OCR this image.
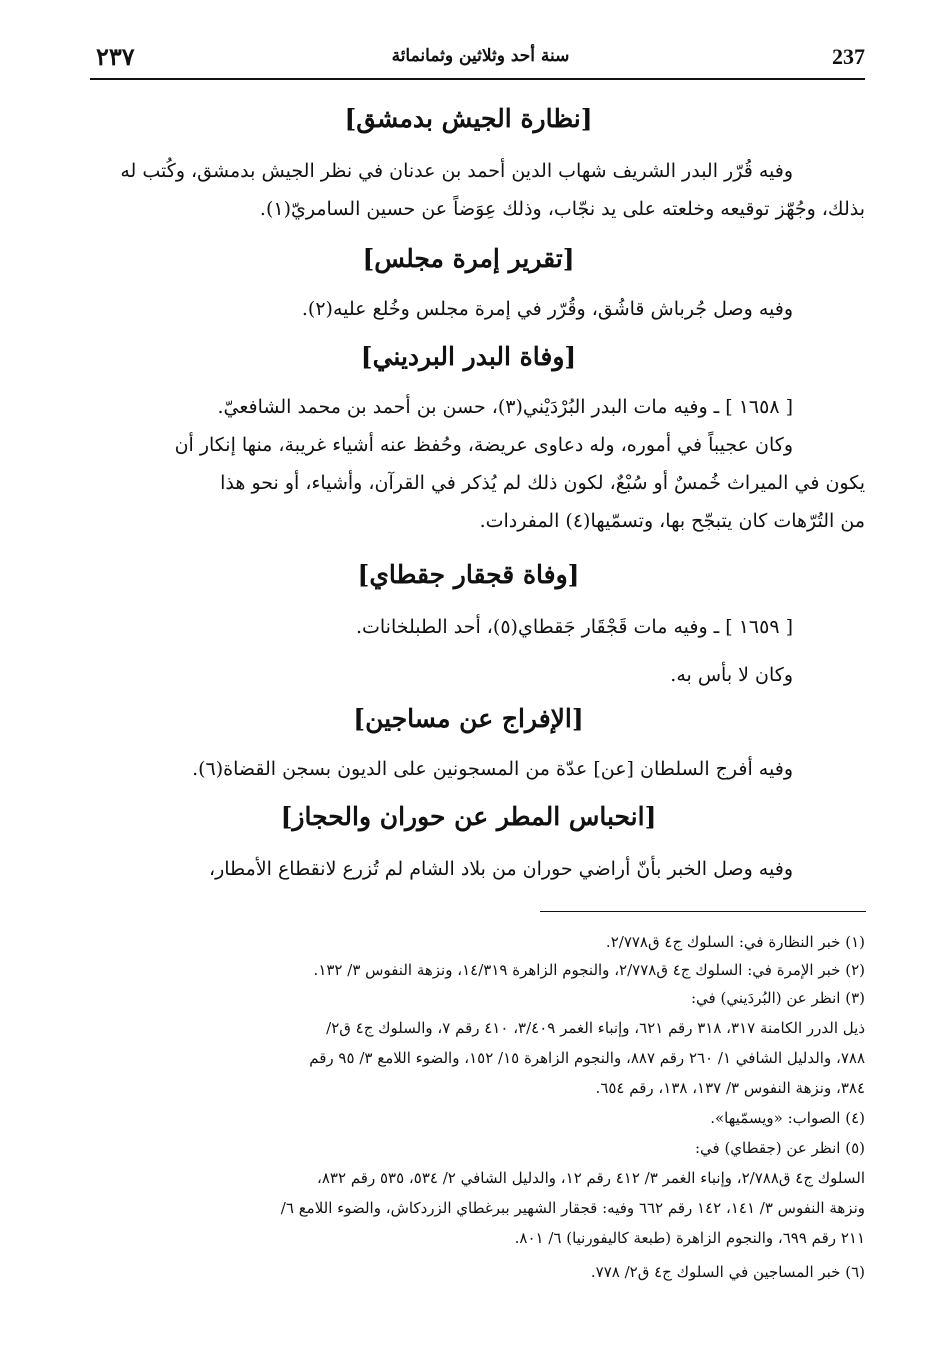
237
سنة أحد وثلاثين وثمانمائة
٢٣٧
[نظارة الجيش بدمشق]
وفيه قُرّر البدر الشريف شهاب الدين أحمد بن عدنان في نظر الجيش بدمشق، وكُتب له
بذلك، وجُهّز توقيعه وخلعته على يد نجّاب، وذلك عِوَضاً عن حسين السامريّ(١).
[تقرير إمرة مجلس]
وفيه وصل جُرباش قاشُق، وقُرّر في إمرة مجلس وخُلع عليه(٢).
[وفاة البدر البرديني]
[ ١٦٥٨ ] ـ وفيه مات البدر البُرْدَيْني(٣)، حسن بن أحمد بن محمد الشافعيّ.
وكان عجيباً في أموره، وله دعاوى عريضة، وحُفظ عنه أشياء غريبة، منها إنكار أن
يكون في الميراث خُمسٌ أو سُبْعٌ، لكون ذلك لم يُذكر في القرآن، وأشياء، أو نحو هذا
من التُرّهات كان يتبجّح بها، وتسمّيها(٤) المفردات.
[وفاة قجقار جقطاي]
[ ١٦٥٩ ] ـ وفيه مات قَجْقَار جَقطاي(٥)، أحد الطبلخانات.
وكان لا بأس به.
[الإفراج عن مساجين]
وفيه أفرج السلطان [عن] عدّة من المسجونين على الديون بسجن القضاة(٦).
[انحباس المطر عن حوران والحجاز]
وفيه وصل الخبر بأنّ أراضي حوران من بلاد الشام لم تُزرع لانقطاع الأمطار،
(١) خبر النظارة في: السلوك ج٤ ق٢/٧٧٨.
(٢) خبر الإمرة في: السلوك ج٤ ق٢/٧٧٨، والنجوم الزاهرة ١٤/٣١٩، ونزهة النفوس ٣/ ١٣٢.
(٣) انظر عن (البُردَيني) في:
ذيل الدرر الكامنة ٣١٧، ٣١٨ رقم ٦٢١، وإنباء الغمر ٣/٤٠٩، ٤١٠ رقم ٧، والسلوك ج٤ ق٢/
٧٨٨، والدليل الشافي ١/ ٢٦٠ رقم ٨٨٧، والنجوم الزاهرة ١٥/ ١٥٢، والضوء اللامع ٣/ ٩٥ رقم
٣٨٤، ونزهة النفوس ٣/ ١٣٧، ١٣٨، رقم ٦٥٤.
(٤) الصواب: «ويسمّيها».
(٥) انظر عن (جقطاي) في:
السلوك ج٤ ق٢/٧٨٨، وإنباء الغمر ٣/ ٤١٢ رقم ١٢، والدليل الشافي ٢/ ٥٣٤، ٥٣٥ رقم ٨٣٢،
ونزهة النفوس ٣/ ١٤١، ١٤٢ رقم ٦٦٢ وفيه: قجقار الشهير ببرغطاي الزردكاش، والضوء اللامع ٦/
٢١١ رقم ٦٩٩، والنجوم الزاهرة (طبعة كاليفورنيا) ٦/ ٨٠١.
(٦) خبر المساجين في السلوك ج٤ ق٢/ ٧٧٨.
